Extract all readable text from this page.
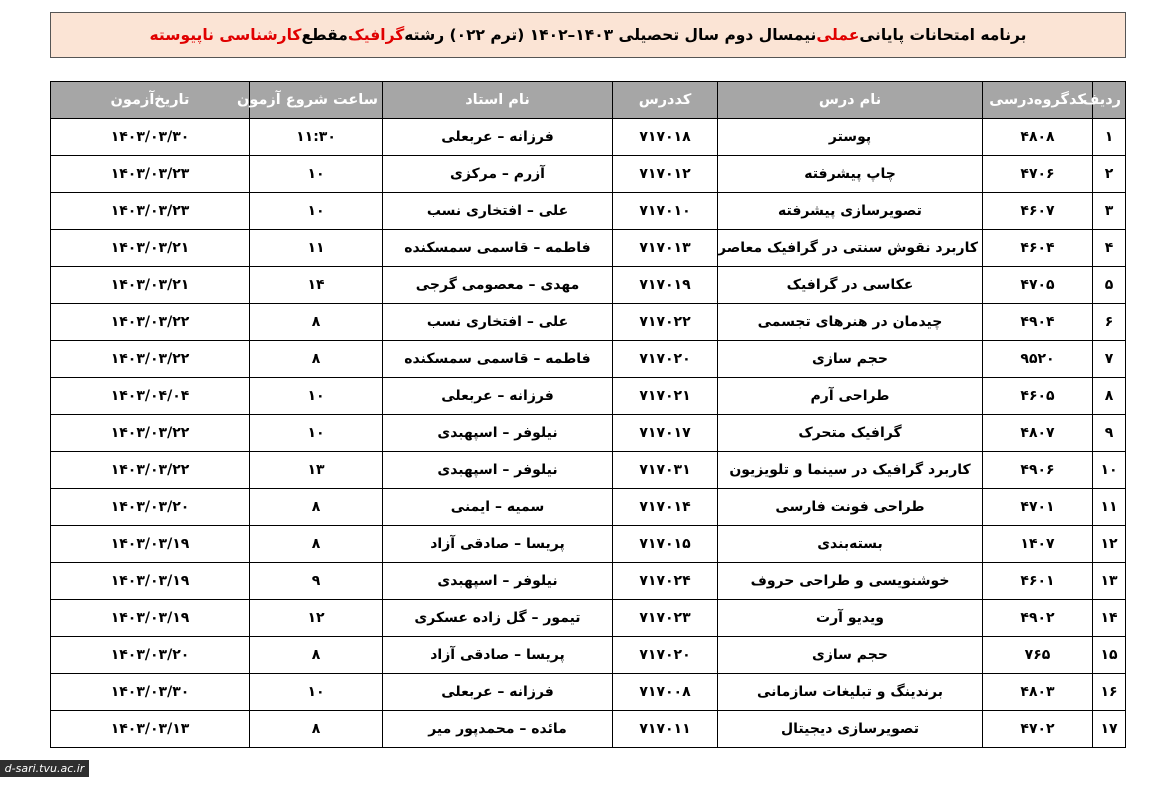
برنامه امتحانات پایانی
عملی
نیمسال دوم سال تحصیلی ۱۴۰۳–۱۴۰۲ (ترم ۰۲۲) رشته
گرافیک
مقطع
کارشناسی ناپیوسته
ردیف	کدگروه‌درسی	نام درس	کددرس	نام استاد	ساعت شروع آزمون	تاریخ‌آزمون
۱	۴۸۰۸	پوستر	۷۱۷۰۱۸	فرزانه – عربعلی	۱۱:۳۰	۱۴۰۳/۰۳/۳۰
۲	۴۷۰۶	چاپ پیشرفته	۷۱۷۰۱۲	آزرم – مرکزی	۱۰	۱۴۰۳/۰۳/۲۳
۳	۴۶۰۷	تصویرسازی پیشرفته	۷۱۷۰۱۰	علی – افتخاری نسب	۱۰	۱۴۰۳/۰۳/۲۳
۴	۴۶۰۴	کاربرد نقوش سنتی در گرافیک معاصر	۷۱۷۰۱۳	فاطمه – قاسمی سمسکنده	۱۱	۱۴۰۳/۰۳/۲۱
۵	۴۷۰۵	عکاسی در گرافیک	۷۱۷۰۱۹	مهدی – معصومی گرجی	۱۴	۱۴۰۳/۰۳/۲۱
۶	۴۹۰۴	چیدمان در هنرهای تجسمی	۷۱۷۰۲۲	علی – افتخاری نسب	۸	۱۴۰۳/۰۳/۲۲
۷	۹۵۲۰	حجم سازی	۷۱۷۰۲۰	فاطمه – قاسمی سمسکنده	۸	۱۴۰۳/۰۳/۲۲
۸	۴۶۰۵	طراحی آرم	۷۱۷۰۲۱	فرزانه – عربعلی	۱۰	۱۴۰۳/۰۴/۰۴
۹	۴۸۰۷	گرافیک متحرک	۷۱۷۰۱۷	نیلوفر – اسپهبدی	۱۰	۱۴۰۳/۰۳/۲۲
۱۰	۴۹۰۶	کاربرد گرافیک در سینما و تلویزیون	۷۱۷۰۳۱	نیلوفر – اسپهبدی	۱۳	۱۴۰۳/۰۳/۲۲
۱۱	۴۷۰۱	طراحی فونت فارسی	۷۱۷۰۱۴	سمیه – ایمنی	۸	۱۴۰۳/۰۳/۲۰
۱۲	۱۴۰۷	بسته‌بندی	۷۱۷۰۱۵	پریسا – صادقی آزاد	۸	۱۴۰۳/۰۳/۱۹
۱۳	۴۶۰۱	خوشنویسی و طراحی حروف	۷۱۷۰۲۴	نیلوفر – اسپهبدی	۹	۱۴۰۳/۰۳/۱۹
۱۴	۴۹۰۲	ویدیو آرت	۷۱۷۰۲۳	تیمور – گل زاده عسکری	۱۲	۱۴۰۳/۰۳/۱۹
۱۵	۷۶۵	حجم سازی	۷۱۷۰۲۰	پریسا – صادقی آزاد	۸	۱۴۰۳/۰۳/۲۰
۱۶	۴۸۰۳	برندینگ و تبلیغات سازمانی	۷۱۷۰۰۸	فرزانه – عربعلی	۱۰	۱۴۰۳/۰۳/۳۰
۱۷	۴۷۰۲	تصویرسازی دیجیتال	۷۱۷۰۱۱	مائده – محمدپور میر	۸	۱۴۰۳/۰۳/۱۳
d-sari.tvu.ac.ir
